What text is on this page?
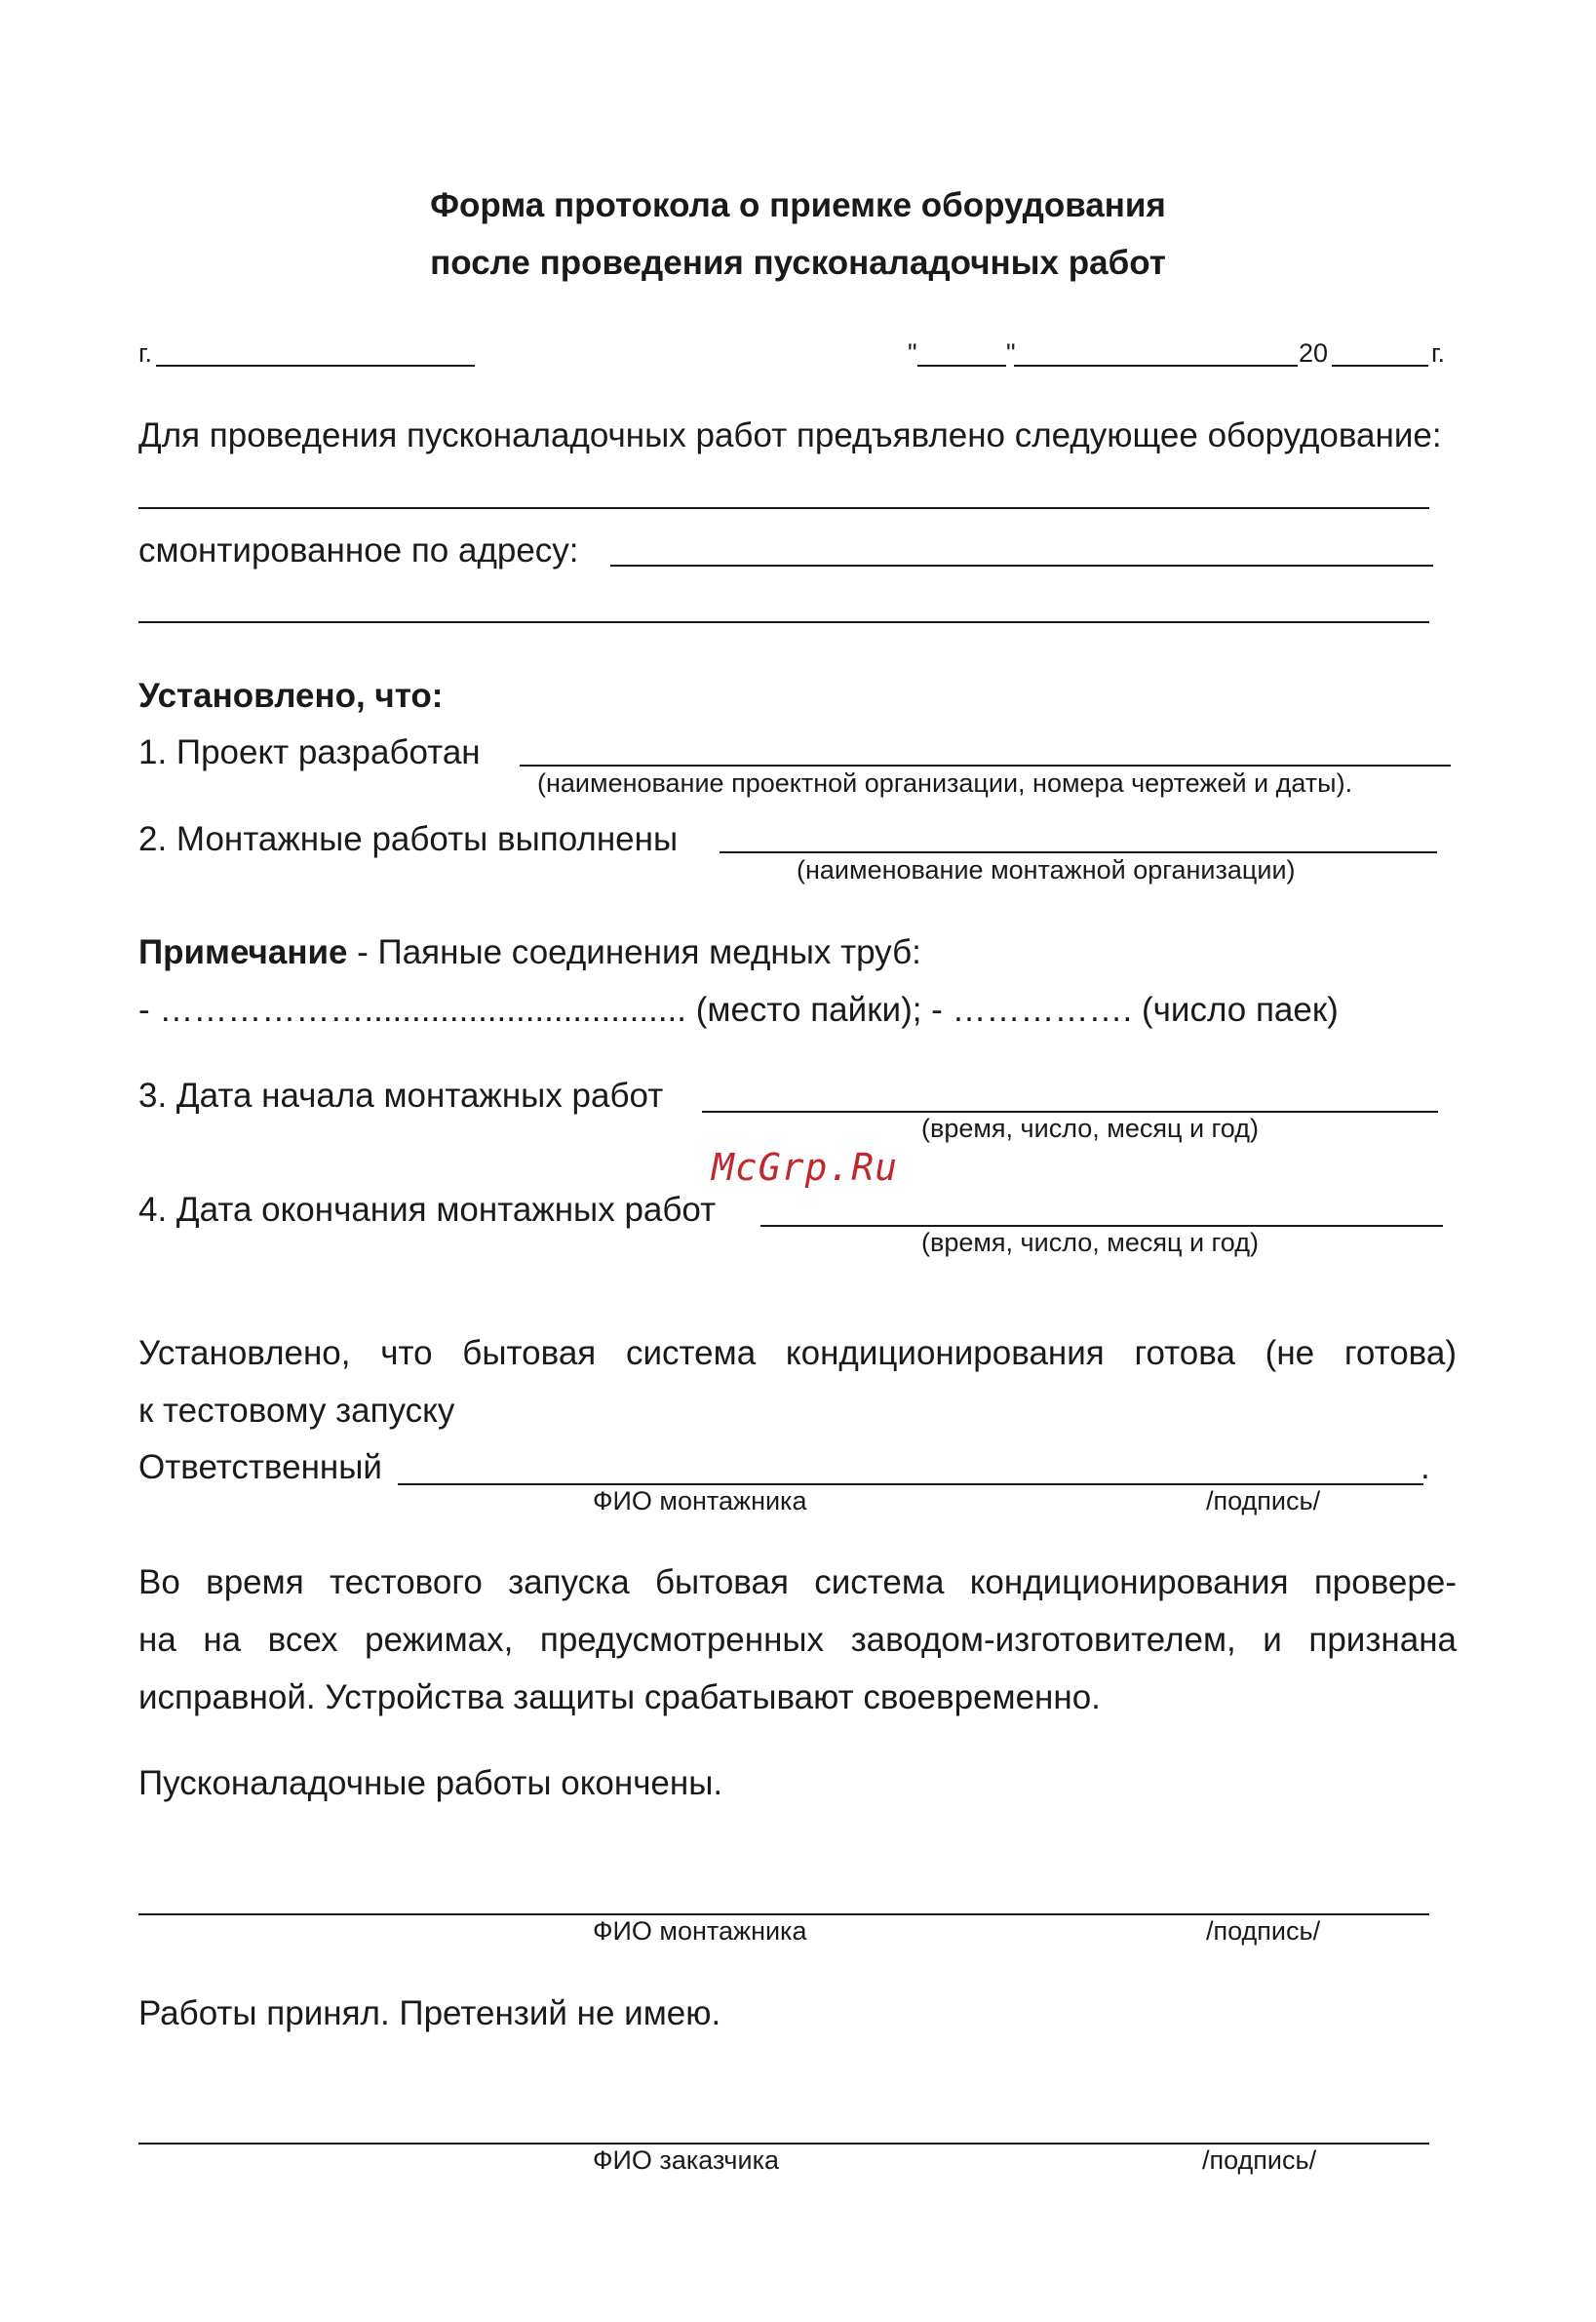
Форма протокола о приемке оборудования
после проведения пусконаладочных работ
г.	"	"	20	г.
Для проведения пусконаладочных работ предъявлено следующее оборудование:
смонтированное по адресу:
Установлено, что:
1. Проект разработан
(наименование проектной организации, номера чертежей и даты).
2. Монтажные работы выполнены
(наименование монтажной организации)
Примечание - Паяные соединения медных труб:
- ……………….................................. (место пайки); - ……………. (число паек)
3. Дата начала монтажных работ
(время, число, месяц и год)
McGrp.Ru
4. Дата окончания монтажных работ
(время, число, месяц и год)
Установлено, что бытовая система кондиционирования готова (не готова)
к тестовому запуску
Ответственный	.
ФИО монтажника	/подпись/
Во время тестового запуска бытовая система кондиционирования провере-
на на всех режимах, предусмотренных заводом-изготовителем, и признана
исправной. Устройства защиты срабатывают своевременно.
Пусконаладочные работы окончены.
ФИО монтажника	/подпись/
Работы принял. Претензий не имею.
ФИО заказчика	/подпись/
